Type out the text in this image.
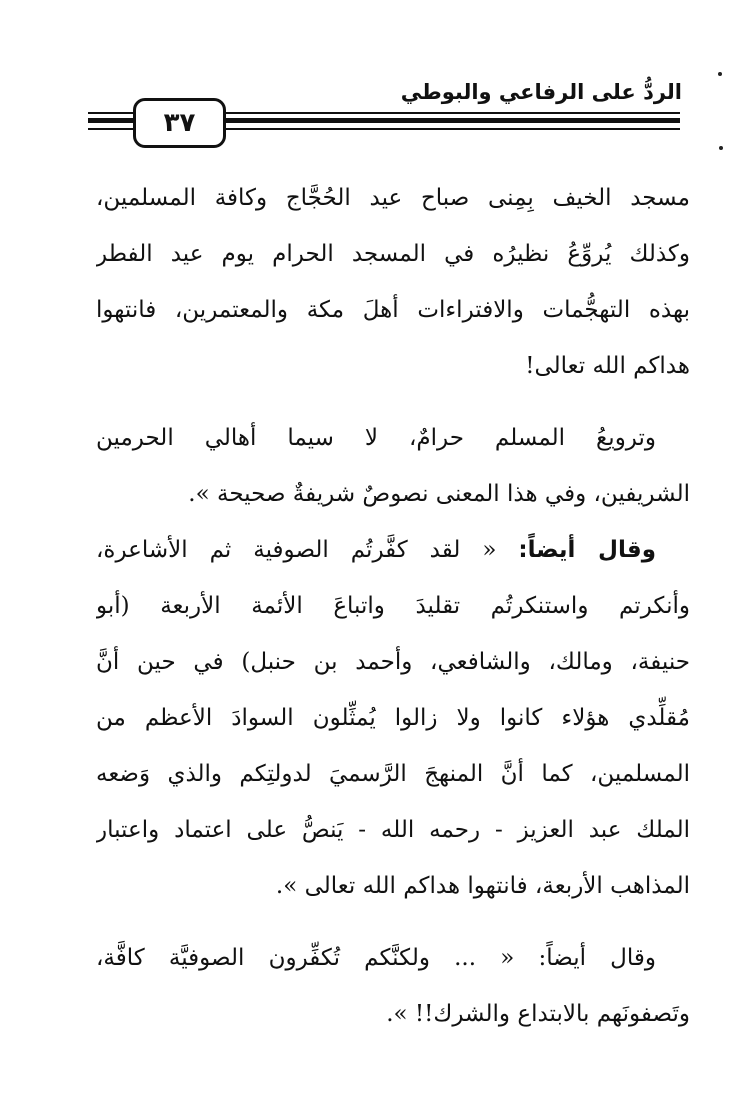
الردُّ على الرفاعي والبوطي
٣٧
مسجد الخيف بِمِنى صباح عيد الحُجَّاج وكافة المسلمين،
وكذلك يُروِّعُ نظيرُه في المسجد الحرام يوم عيد الفطر
بهذه التهجُّمات والافتراءات أهلَ مكة والمعتمرين، فانتهوا
هداكم الله تعالى!
وترويعُ المسلم حرامٌ، لا سيما أهالي الحرمين
الشريفين، وفي هذا المعنى نصوصٌ شريفةٌ صحيحة ».
وقال أيضاً: « لقد كفَّرتُم الصوفية ثم الأشاعرة،
وأنكرتم واستنكرتُم تقليدَ واتباعَ الأئمة الأربعة (أبو
حنيفة، ومالك، والشافعي، وأحمد بن حنبل) في حين أنَّ
مُقلِّدي هؤلاء كانوا ولا زالوا يُمثِّلون السوادَ الأعظم من
المسلمين، كما أنَّ المنهجَ الرَّسميَ لدولتِكم والذي وَضعه
الملك عبد العزيز - رحمه الله - يَنصُّ على اعتماد واعتبار
المذاهب الأربعة، فانتهوا هداكم الله تعالى ».
وقال أيضاً: « ... ولكنَّكم تُكفِّرون الصوفيَّة كافَّة،
وتَصفونَهم بالابتداع والشرك!! ».
